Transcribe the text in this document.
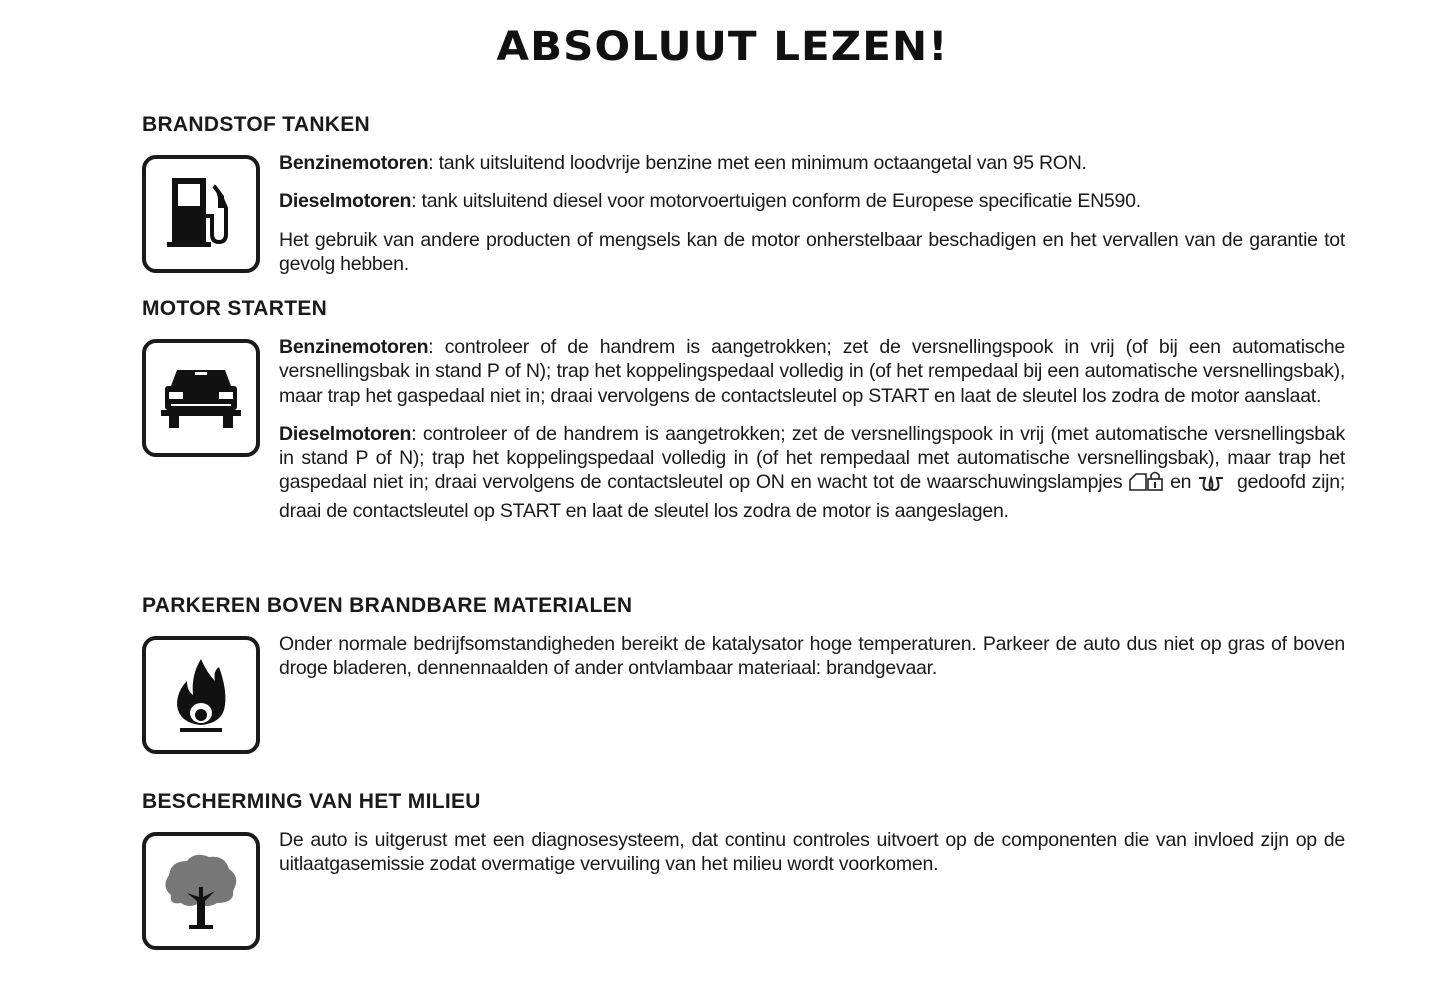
ABSOLUUT LEZEN!
BRANDSTOF TANKEN

Benzinemotoren: tank uitsluitend loodvrije benzine met een minimum octaangetal van 95 RON.

Dieselmotoren: tank uitsluitend diesel voor motorvoertuigen conform de Europese specificatie EN590.

Het gebruik van andere producten of mengsels kan de motor onherstelbaar beschadigen en het vervallen van de garantie tot gevolg hebben.

MOTOR STARTEN

Benzinemotoren: controleer of de handrem is aangetrokken; zet de versnellingspook in vrij (of bij een automatische versnellingsbak in stand P of N); trap het koppelingspedaal volledig in (of het rempedaal bij een automatische versnellingsbak), maar trap het gaspedaal niet in; draai vervolgens de contactsleutel op START en laat de sleutel los zodra de motor aanslaat.

Dieselmotoren: controleer of de handrem is aangetrokken; zet de versnellingspook in vrij (met automatische versnellingsbak in stand P of N); trap het koppelingspedaal volledig in (of het rempedaal met automatische versnellingsbak), maar trap het gaspedaal niet in; draai vervolgens de contactsleutel op ON en wacht tot de waarschuwingslampjes  en  gedoofd zijn; draai de contactsleutel op START en laat de sleutel los zodra de motor is aangeslagen.

PARKEREN BOVEN BRANDBARE MATERIALEN

Onder normale bedrijfsomstandigheden bereikt de katalysator hoge temperaturen. Parkeer de auto dus niet op gras of boven droge bladeren, dennennaalden of ander ontvlambaar materiaal: brandgevaar.

BESCHERMING VAN HET MILIEU

De auto is uitgerust met een diagnosesysteem, dat continu controles uitvoert op de componenten die van invloed zijn op de uitlaatgasemissie zodat overmatige vervuiling van het milieu wordt voorkomen.
